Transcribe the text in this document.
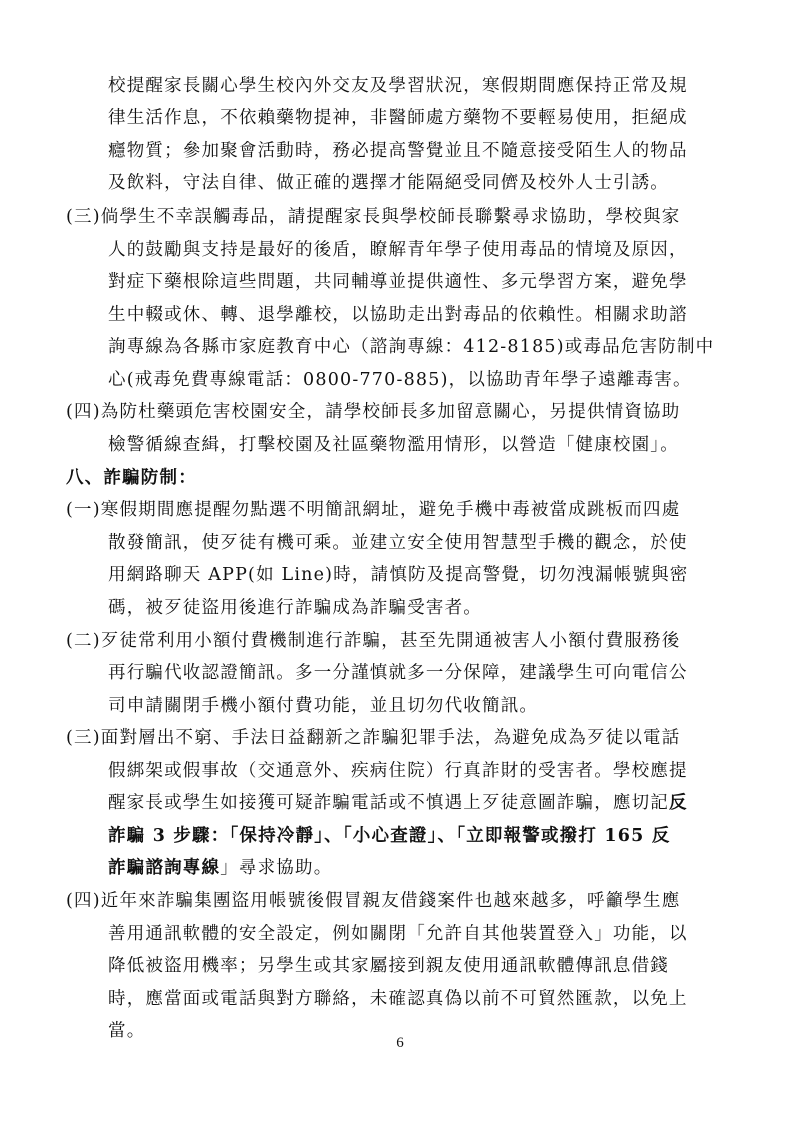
校提醒家長關心學生校內外交友及學習狀況，寒假期間應保持正常及規
律生活作息，不依賴藥物提神，非醫師處方藥物不要輕易使用，拒絕成
癮物質；參加聚會活動時，務必提高警覺並且不隨意接受陌生人的物品
及飲料，守法自律、做正確的選擇才能隔絕受同儕及校外人士引誘。
(三)倘學生不幸誤觸毒品，請提醒家長與學校師長聯繫尋求協助，學校與家
人的鼓勵與支持是最好的後盾，瞭解青年學子使用毒品的情境及原因，
對症下藥根除這些問題，共同輔導並提供適性、多元學習方案，避免學
生中輟或休、轉、退學離校，以協助走出對毒品的依賴性。相關求助諮
詢專線為各縣市家庭教育中心（諮詢專線：412-8185)或毒品危害防制中
心(戒毒免費專線電話：0800-770-885)，以協助青年學子遠離毒害。
(四)為防杜藥頭危害校園安全，請學校師長多加留意關心，另提供情資協助
檢警循線查緝，打擊校園及社區藥物濫用情形，以營造「健康校園」。
八、詐騙防制：
(一)寒假期間應提醒勿點選不明簡訊網址，避免手機中毒被當成跳板而四處
散發簡訊，使歹徒有機可乘。並建立安全使用智慧型手機的觀念，於使
用網路聊天 APP(如 Line)時，請慎防及提高警覺，切勿洩漏帳號與密
碼，被歹徒盜用後進行詐騙成為詐騙受害者。
(二)歹徒常利用小額付費機制進行詐騙，甚至先開通被害人小額付費服務後
再行騙代收認證簡訊。多一分謹慎就多一分保障，建議學生可向電信公
司申請關閉手機小額付費功能，並且切勿代收簡訊。
(三)面對層出不窮、手法日益翻新之詐騙犯罪手法，為避免成為歹徒以電話
假綁架或假事故（交通意外、疾病住院）行真詐財的受害者。學校應提
醒家長或學生如接獲可疑詐騙電話或不慎遇上歹徒意圖詐騙，應切記反
詐騙 3 步驟：「保持冷靜」、「小心查證」、「立即報警或撥打 165 反
詐騙諮詢專線」尋求協助。
(四)近年來詐騙集團盜用帳號後假冒親友借錢案件也越來越多，呼籲學生應
善用通訊軟體的安全設定，例如關閉「允許自其他裝置登入」功能，以
降低被盜用機率；另學生或其家屬接到親友使用通訊軟體傳訊息借錢
時，應當面或電話與對方聯絡，未確認真偽以前不可貿然匯款，以免上
當。
6
